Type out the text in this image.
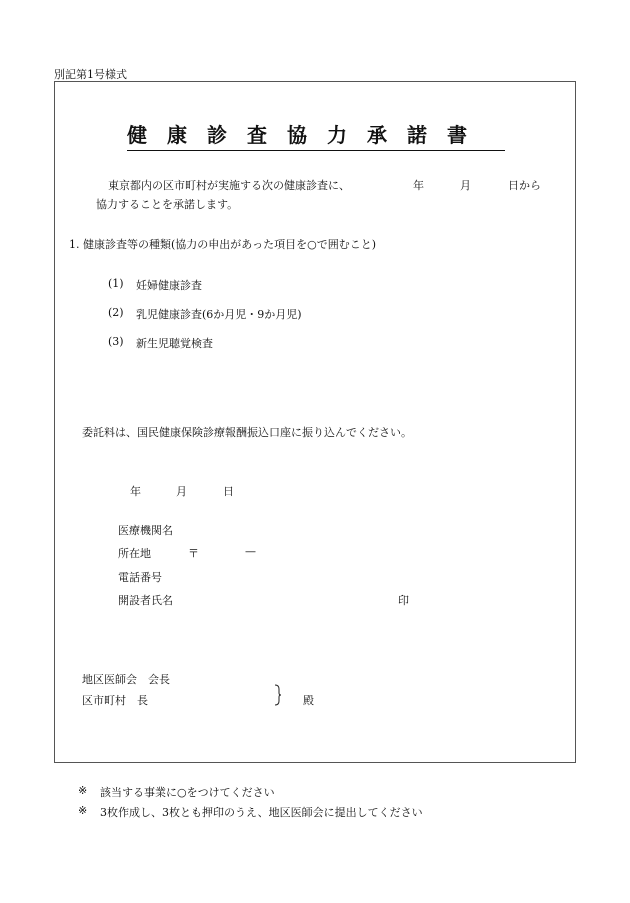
別記第1号様式
健康診査協力承諾書
東京都内の区市町村が実施する次の健康診査に、	年	月	日から
協力することを承諾します。
1. 健康診査等の種類(協力の申出があった項目を○で囲むこと)
(1) 妊婦健康診査
(2) 乳児健康診査(6か月児・9か月児)
(3) 新生児聴覚検査
委託料は、国民健康保険診療報酬振込口座に振り込んでください。
年	月	日
医療機関名
所在地	〒	—
電話番号
開設者氏名	印
地区医師会　会長
区市町村　長	殿
※ 該当する事業に○をつけてください
※ 3枚作成し、3枚とも押印のうえ、地区医師会に提出してください
